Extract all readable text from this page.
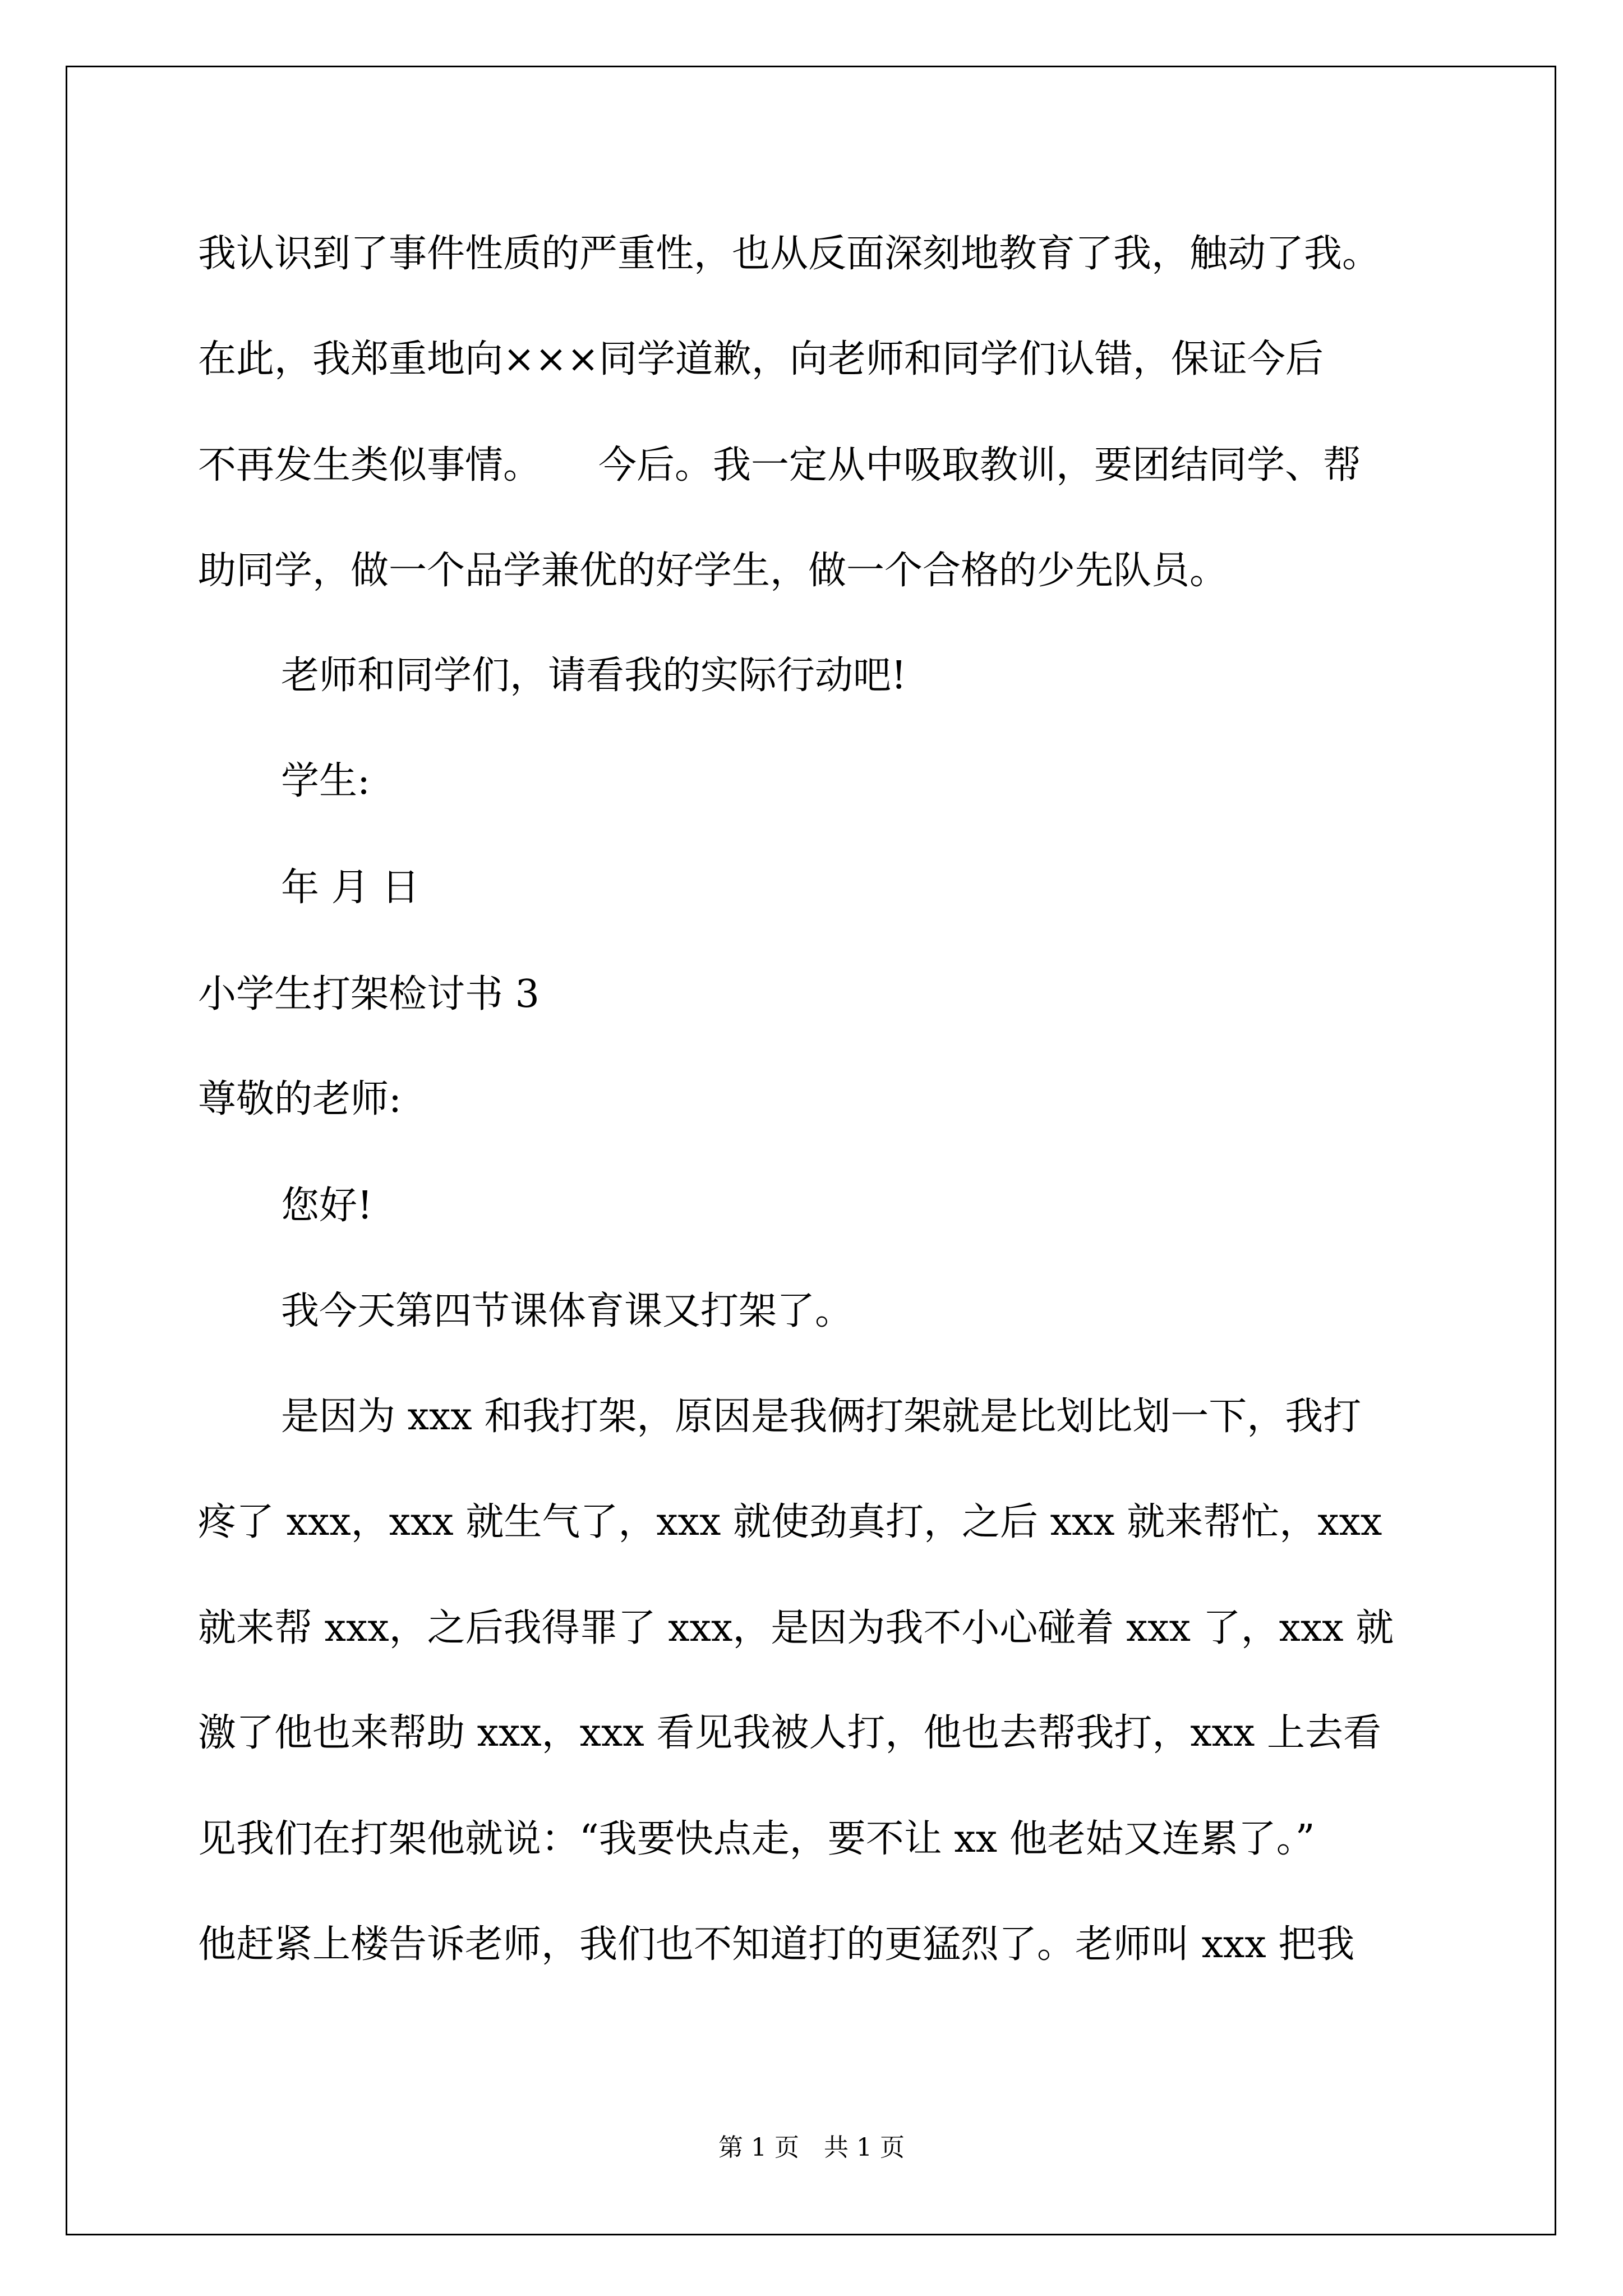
我认识到了事件性质的严重性，也从反面深刻地教育了我，触动了我。
在此，我郑重地向×××同学道歉，向老师和同学们认错，保证今后
不再发生类似事情。　　今后。我一定从中吸取教训，要团结同学、帮
助同学，做一个品学兼优的好学生，做一个合格的少先队员。
老师和同学们，请看我的实际行动吧!
学生:
年 月 日
小学生打架检讨书 3
尊敬的老师:
您好!
我今天第四节课体育课又打架了。
是因为 xxx 和我打架，原因是我俩打架就是比划比划一下，我打
疼了 xxx，xxx 就生气了，xxx 就使劲真打，之后 xxx 就来帮忙，xxx
就来帮 xxx，之后我得罪了 xxx，是因为我不小心碰着 xxx 了，xxx 就
激了他也来帮助 xxx，xxx 看见我被人打，他也去帮我打，xxx 上去看
见我们在打架他就说：“我要快点走，要不让 xx 他老姑又连累了。”
他赶紧上楼告诉老师，我们也不知道打的更猛烈了。老师叫 xxx 把我
第 1 页　共 1 页
